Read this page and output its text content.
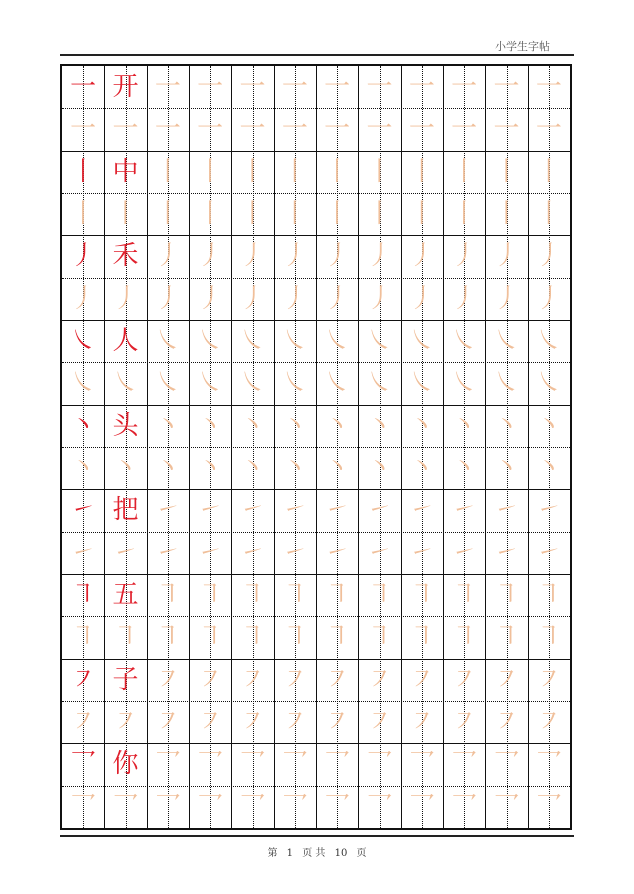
小学生字帖
一 开 一 一 一 一 一 一 一 一 一 一
一 一 一 一 一 一 一 一 一 一 一 一
丨 中 丨 丨 丨 丨 丨 丨 丨 丨 丨 丨
丨 丨 丨 丨 丨 丨 丨 丨 丨 丨 丨 丨
丿 禾 丿 丿 丿 丿 丿 丿 丿 丿 丿 丿
丿 丿 丿 丿 丿 丿 丿 丿 丿 丿 丿 丿
㇏ 人 ㇏ ㇏ ㇏ ㇏ ㇏ ㇏ ㇏ ㇏ ㇏ ㇏
㇏ ㇏ ㇏ ㇏ ㇏ ㇏ ㇏ ㇏ ㇏ ㇏ ㇏ ㇏
丶 头 丶 丶 丶 丶 丶 丶 丶 丶 丶 丶
丶 丶 丶 丶 丶 丶 丶 丶 丶 丶 丶 丶
㇀ 把 ㇀ ㇀ ㇀ ㇀ ㇀ ㇀ ㇀ ㇀ ㇀ ㇀
㇀ ㇀ ㇀ ㇀ ㇀ ㇀ ㇀ ㇀ ㇀ ㇀ ㇀ ㇀
㇕ 五 ㇕ ㇕ ㇕ ㇕ ㇕ ㇕ ㇕ ㇕ ㇕ ㇕
㇕ ㇕ ㇕ ㇕ ㇕ ㇕ ㇕ ㇕ ㇕ ㇕ ㇕ ㇕
㇇ 子 ㇇ ㇇ ㇇ ㇇ ㇇ ㇇ ㇇ ㇇ ㇇ ㇇
㇇ ㇇ ㇇ ㇇ ㇇ ㇇ ㇇ ㇇ ㇇ ㇇ ㇇ ㇇
乛 你 乛 乛 乛 乛 乛 乛 乛 乛 乛 乛
乛 乛 乛 乛 乛 乛 乛 乛 乛 乛 乛 乛
第 1 页 共 10 页
